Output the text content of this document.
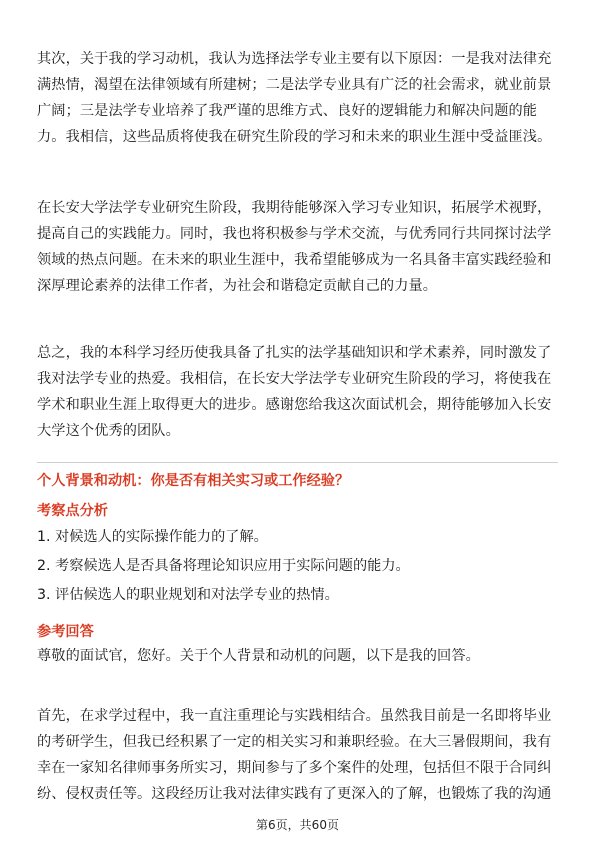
其次，关于我的学习动机，我认为选择法学专业主要有以下原因：一是我对法律充
满热情，渴望在法律领域有所建树；二是法学专业具有广泛的社会需求，就业前景
广阔；三是法学专业培养了我严谨的思维方式、良好的逻辑能力和解决问题的能
力。我相信，这些品质将使我在研究生阶段的学习和未来的职业生涯中受益匪浅。

在长安大学法学专业研究生阶段，我期待能够深入学习专业知识，拓展学术视野，
提高自己的实践能力。同时，我也将积极参与学术交流，与优秀同行共同探讨法学
领域的热点问题。在未来的职业生涯中，我希望能够成为一名具备丰富实践经验和
深厚理论素养的法律工作者，为社会和谐稳定贡献自己的力量。

总之，我的本科学习经历使我具备了扎实的法学基础知识和学术素养，同时激发了
我对法学专业的热爱。我相信，在长安大学法学专业研究生阶段的学习，将使我在
学术和职业生涯上取得更大的进步。感谢您给我这次面试机会，期待能够加入长安
大学这个优秀的团队。

个人背景和动机：你是否有相关实习或工作经验？
考察点分析
1. 对候选人的实际操作能力的了解。
2. 考察候选人是否具备将理论知识应用于实际问题的能力。
3. 评估候选人的职业规划和对法学专业的热情。
参考回答

尊敬的面试官，您好。关于个人背景和动机的问题，以下是我的回答。

首先，在求学过程中，我一直注重理论与实践相结合。虽然我目前是一名即将毕业
的考研学生，但我已经积累了一定的相关实习和兼职经验。在大三暑假期间，我有
幸在一家知名律师事务所实习，期间参与了多个案件的处理，包括但不限于合同纠
纷、侵权责任等。这段经历让我对法律实践有了更深入的了解，也锻炼了我的沟通

第6页，共60页
